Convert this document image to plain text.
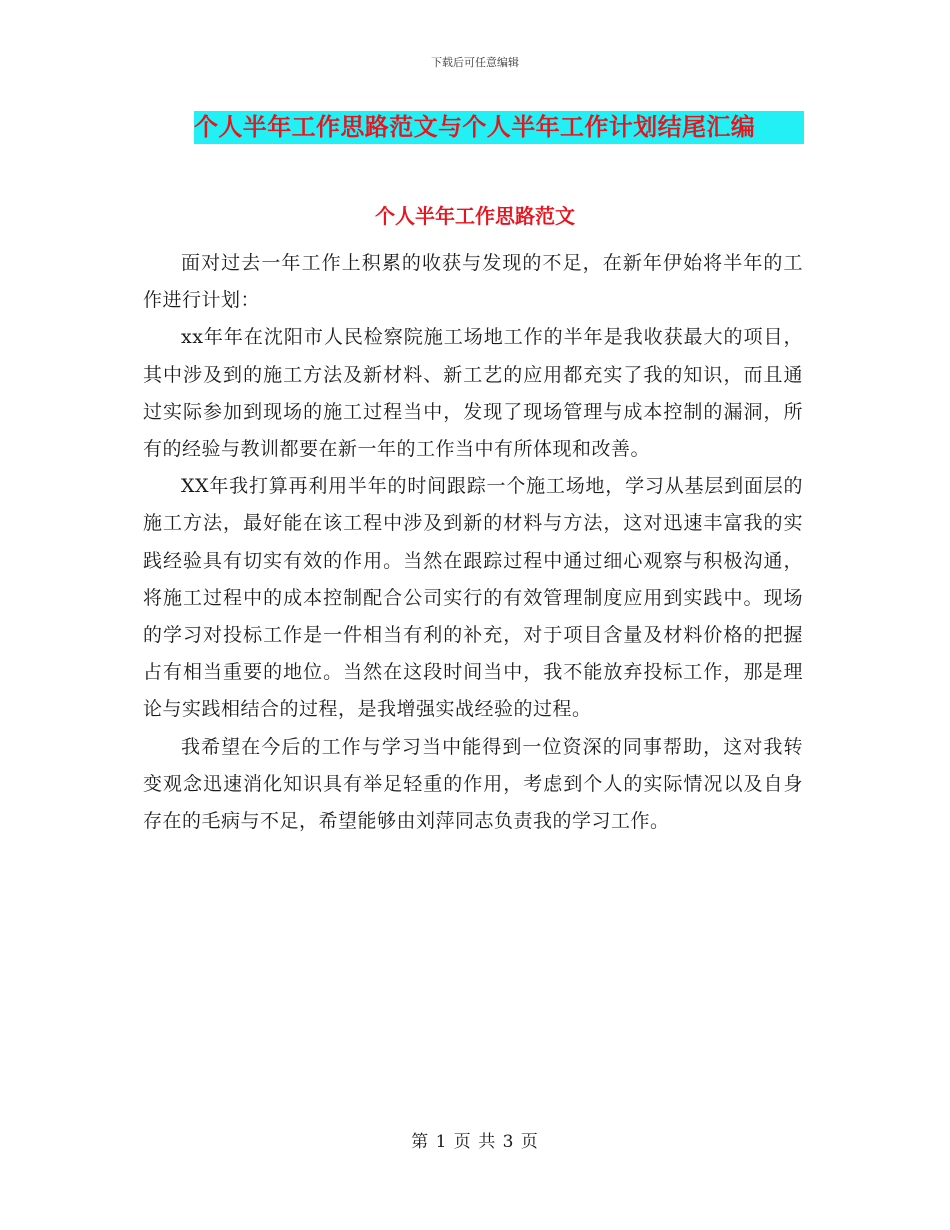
下载后可任意编辑
个人半年工作思路范文与个人半年工作计划结尾汇编
个人半年工作思路范文

面对过去一年工作上积累的收获与发现的不足，在新年伊始将半年的工作进行计划：

xx年年在沈阳市人民检察院施工场地工作的半年是我收获最大的项目，其中涉及到的施工方法及新材料、新工艺的应用都充实了我的知识，而且通过实际参加到现场的施工过程当中，发现了现场管理与成本控制的漏洞，所有的经验与教训都要在新一年的工作当中有所体现和改善。

XX年我打算再利用半年的时间跟踪一个施工场地，学习从基层到面层的施工方法，最好能在该工程中涉及到新的材料与方法，这对迅速丰富我的实践经验具有切实有效的作用。当然在跟踪过程中通过细心观察与积极沟通，将施工过程中的成本控制配合公司实行的有效管理制度应用到实践中。现场的学习对投标工作是一件相当有利的补充，对于项目含量及材料价格的把握占有相当重要的地位。当然在这段时间当中，我不能放弃投标工作，那是理论与实践相结合的过程，是我增强实战经验的过程。

我希望在今后的工作与学习当中能得到一位资深的同事帮助，这对我转变观念迅速消化知识具有举足轻重的作用，考虑到个人的实际情况以及自身存在的毛病与不足，希望能够由刘萍同志负责我的学习工作。

第 1 页 共 3 页
